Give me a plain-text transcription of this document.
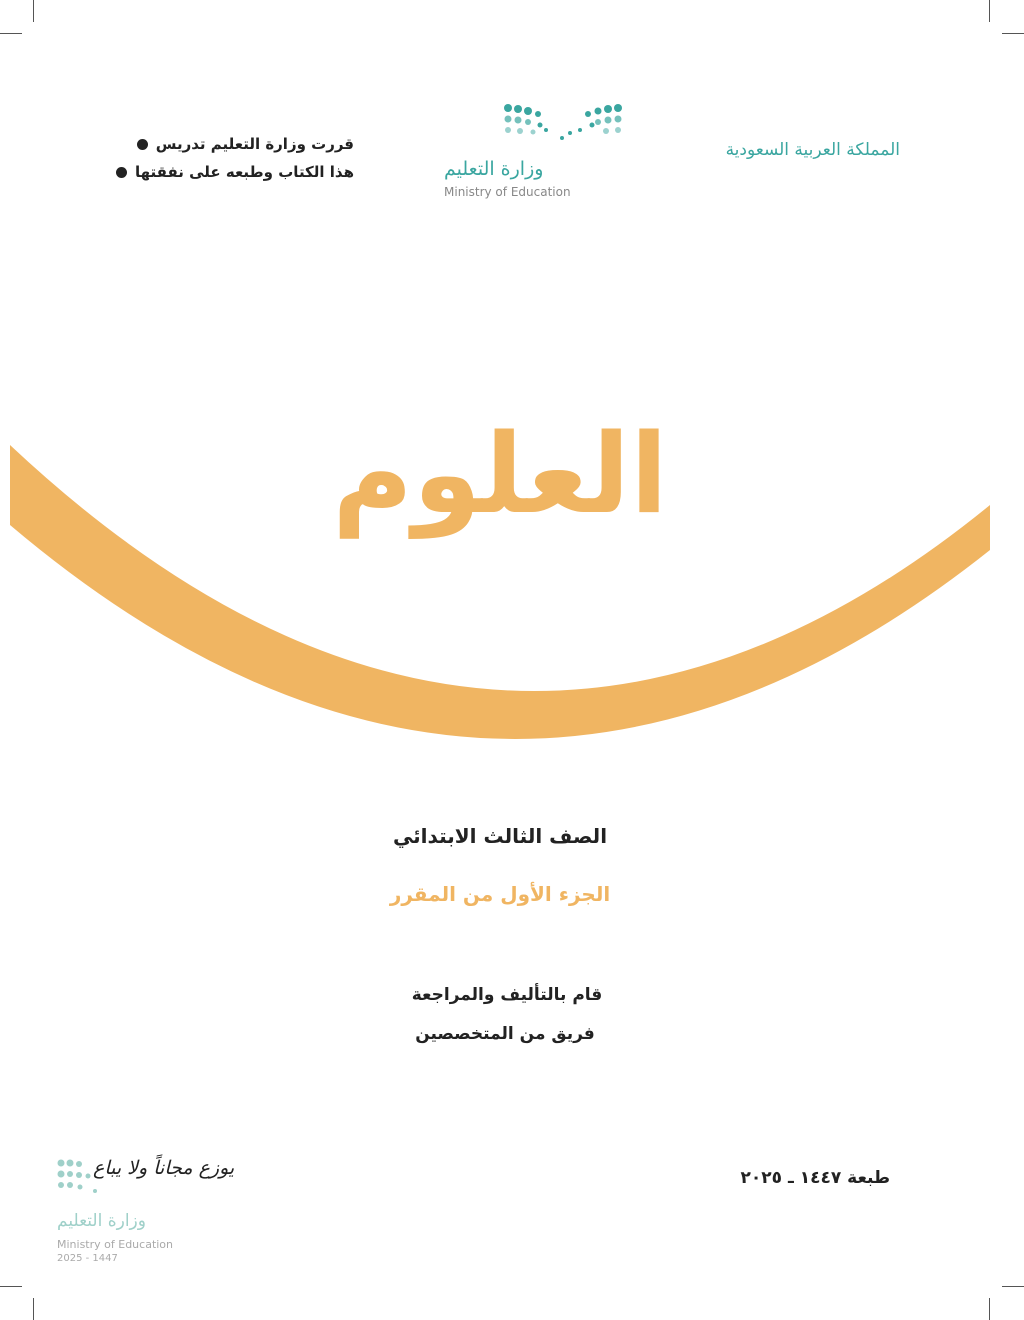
المملكة العربية السعودية
وزارة التعليم
Ministry of Education
قررت وزارة التعليم تدريس
هذا الكتاب وطبعه على نفقتها
العلوم
الصف الثالث الابتدائي
الجزء الأول من المقرر
قام بالتأليف والمراجعة
فريق من المتخصصين
طبعة ١٤٤٧ ـ ٢٠٢٥
يوزع مجاناً ولا يباع
وزارة التعليم
Ministry of Education
2025 - 1447
